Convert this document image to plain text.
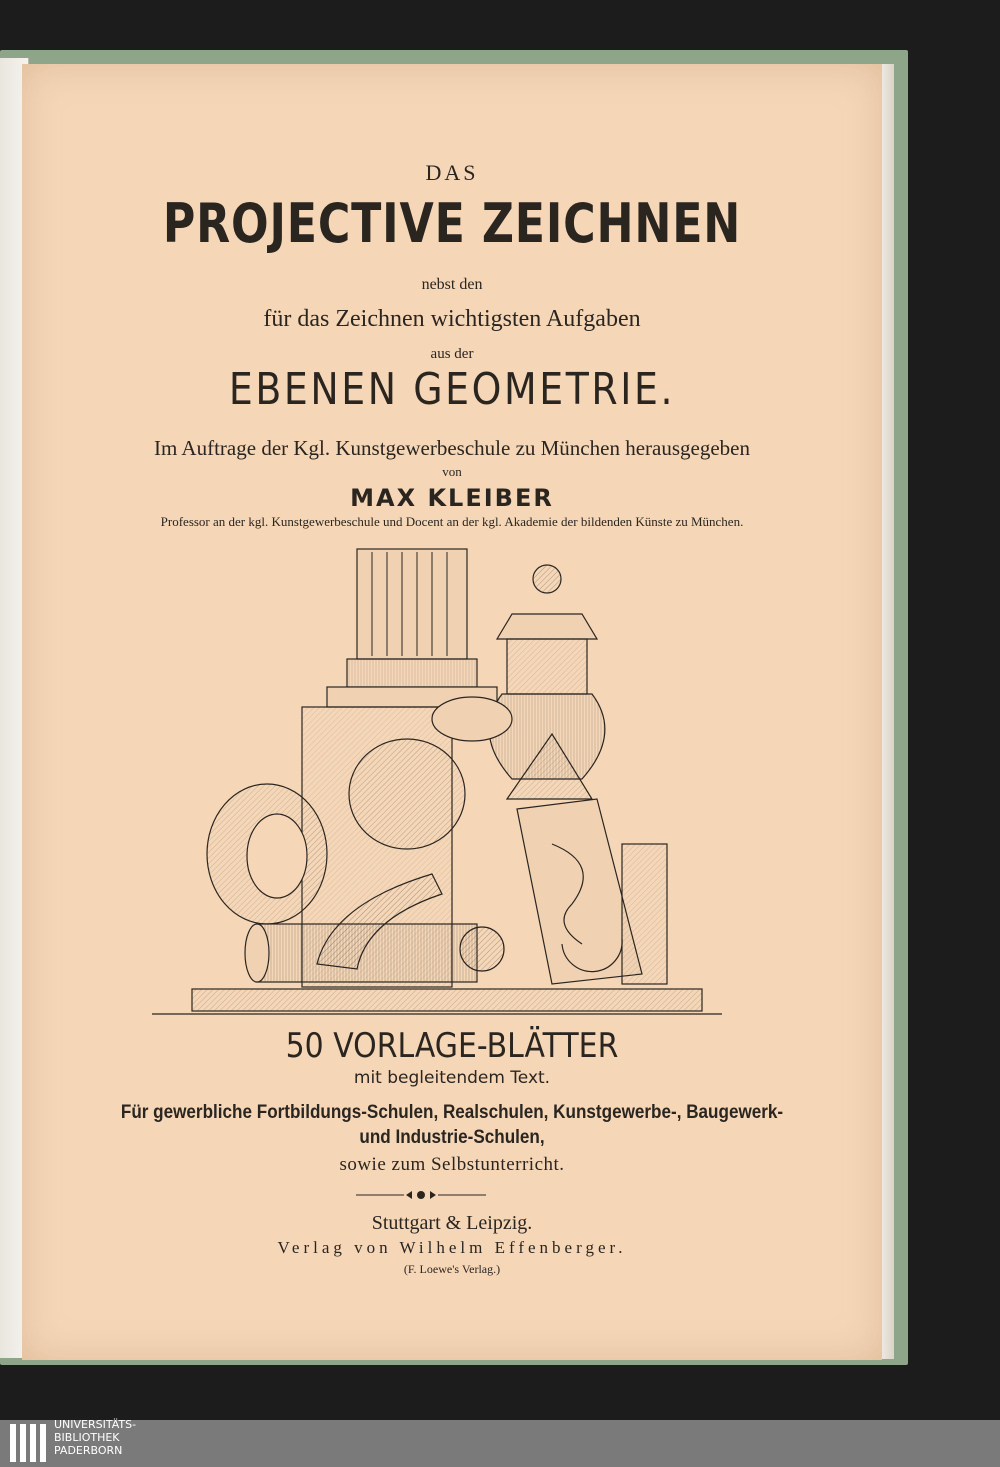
DAS
PROJECTIVE ZEICHNEN
nebst den
für das Zeichnen wichtigsten Aufgaben
aus der
EBENEN GEOMETRIE.
Im Auftrage der Kgl. Kunstgewerbeschule zu München herausgegeben
von
MAX KLEIBER
Professor an der kgl. Kunstgewerbeschule und Docent an der kgl. Akademie der bildenden Künste zu München.
50 VORLAGE-BLÄTTER
mit begleitendem Text.
Für gewerbliche Fortbildungs-Schulen, Realschulen, Kunstgewerbe-, Baugewerk-
und Industrie-Schulen,
sowie zum Selbstunterricht.
Stuttgart & Leipzig.
Verlag von Wilhelm Effenberger.
(F. Loewe's Verlag.)
UNIVERSITÄTS-
BIBLIOTHEK
PADERBORN
